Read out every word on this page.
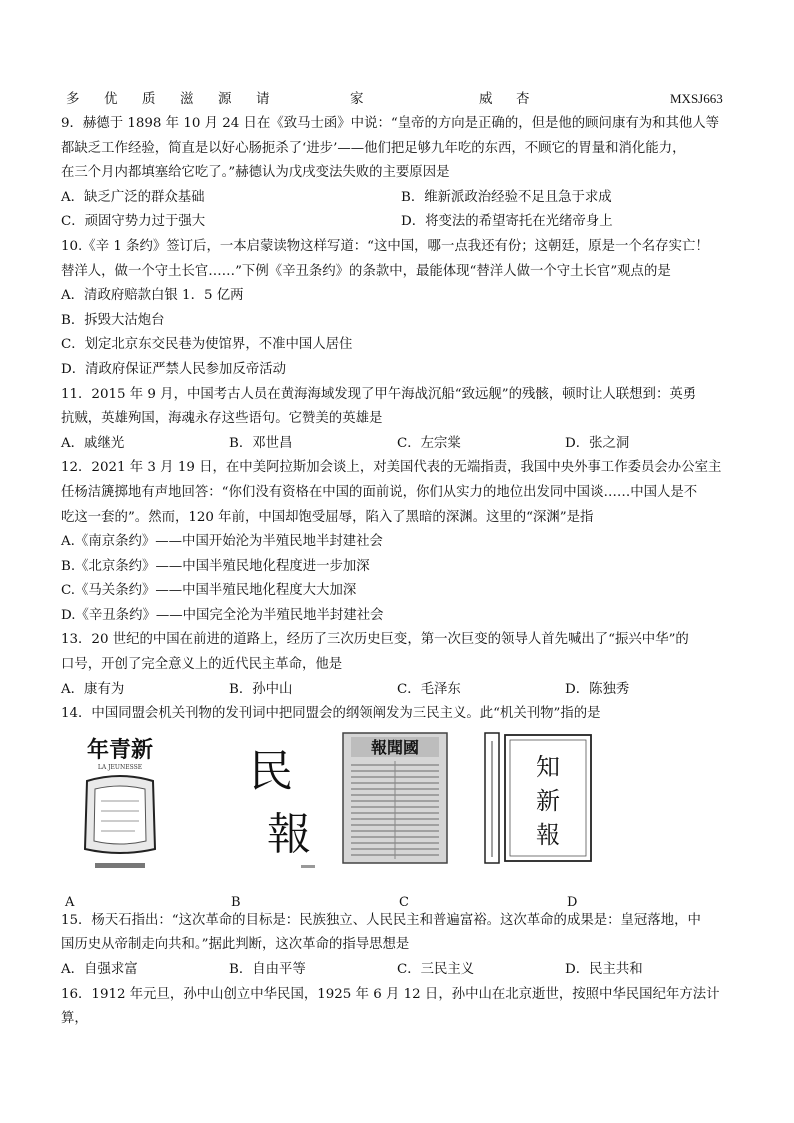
多 优 质 滋 源 请	家	威 杏	MXSJ663

9．赫德于 1898 年 10 月 24 日在《致马士函》中说：“皇帝的方向是正确的，但是他的顾问康有为和其他人等

都缺乏工作经验，简直是以好心肠扼杀了‘进步’——他们把足够九年吃的东西，不顾它的胃量和消化能力，

在三个月内都填塞给它吃了。”赫德认为戊戌变法失败的主要原因是

A．缺乏广泛的群众基础	B．维新派政治经验不足且急于求成
C．顽固守势力过于强大	D．将变法的希望寄托在光绪帝身上

10.《辛 1 条约》签订后，一本启蒙读物这样写道：“这中国，哪一点我还有份；这朝廷，原是一个名存实亡！

替洋人，做一个守土长官……”下例《辛丑条约》的条款中，最能体现“替洋人做一个守土长官”观点的是

A．清政府赔款白银 1．5 亿两

B．拆毁大沽炮台

C．划定北京东交民巷为使馆界，不准中国人居住

D．清政府保证严禁人民参加反帝活动

11．2015 年 9 月，中国考古人员在黄海海域发现了甲午海战沉船“致远舰”的残骸，顿时让人联想到：英勇

抗贼，英雄殉国，海魂永存这些语句。它赞美的英雄是

A．戚继光	B．邓世昌	C．左宗棠	D．张之洞

12．2021 年 3 月 19 日，在中美阿拉斯加会谈上，对美国代表的无端指责，我国中央外事工作委员会办公室主

任杨洁篪掷地有声地回答：“你们没有资格在中国的面前说，你们从实力的地位出发同中国谈……中国人是不

吃这一套的”。然而，120 年前，中国却饱受屈辱，陷入了黑暗的深渊。这里的“深渊”是指

A.《南京条约》——中国开始沦为半殖民地半封建社会

B.《北京条约》——中国半殖民地化程度进一步加深

C.《马关条约》——中国半殖民地化程度大大加深

D.《辛丑条约》——中国完全沦为半殖民地半封建社会

13．20 世纪的中国在前进的道路上，经历了三次历史巨变，第一次巨变的领导人首先喊出了“振兴中华”的

口号，开创了完全意义上的近代民主革命，他是

A．康有为	B．孙中山	C．毛泽东	D．陈独秀

14．中国同盟会机关刊物的发刊词中把同盟会的纲领阐发为三民主义。此“机关刊物”指的是

年青新
LA JEUNESSE
A
民
報
B
報聞國
C
知
新
報
D

15．杨天石指出：“这次革命的目标是：民族独立、人民民主和普遍富裕。这次革命的成果是：皇冠落地，中

国历史从帝制走向共和。”据此判断，这次革命的指导思想是

A．自强求富	B．自由平等	C．三民主义	D．民主共和

16．1912 年元旦，孙中山创立中华民国，1925 年 6 月 12 日，孙中山在北京逝世，按照中华民国纪年方法计算，
